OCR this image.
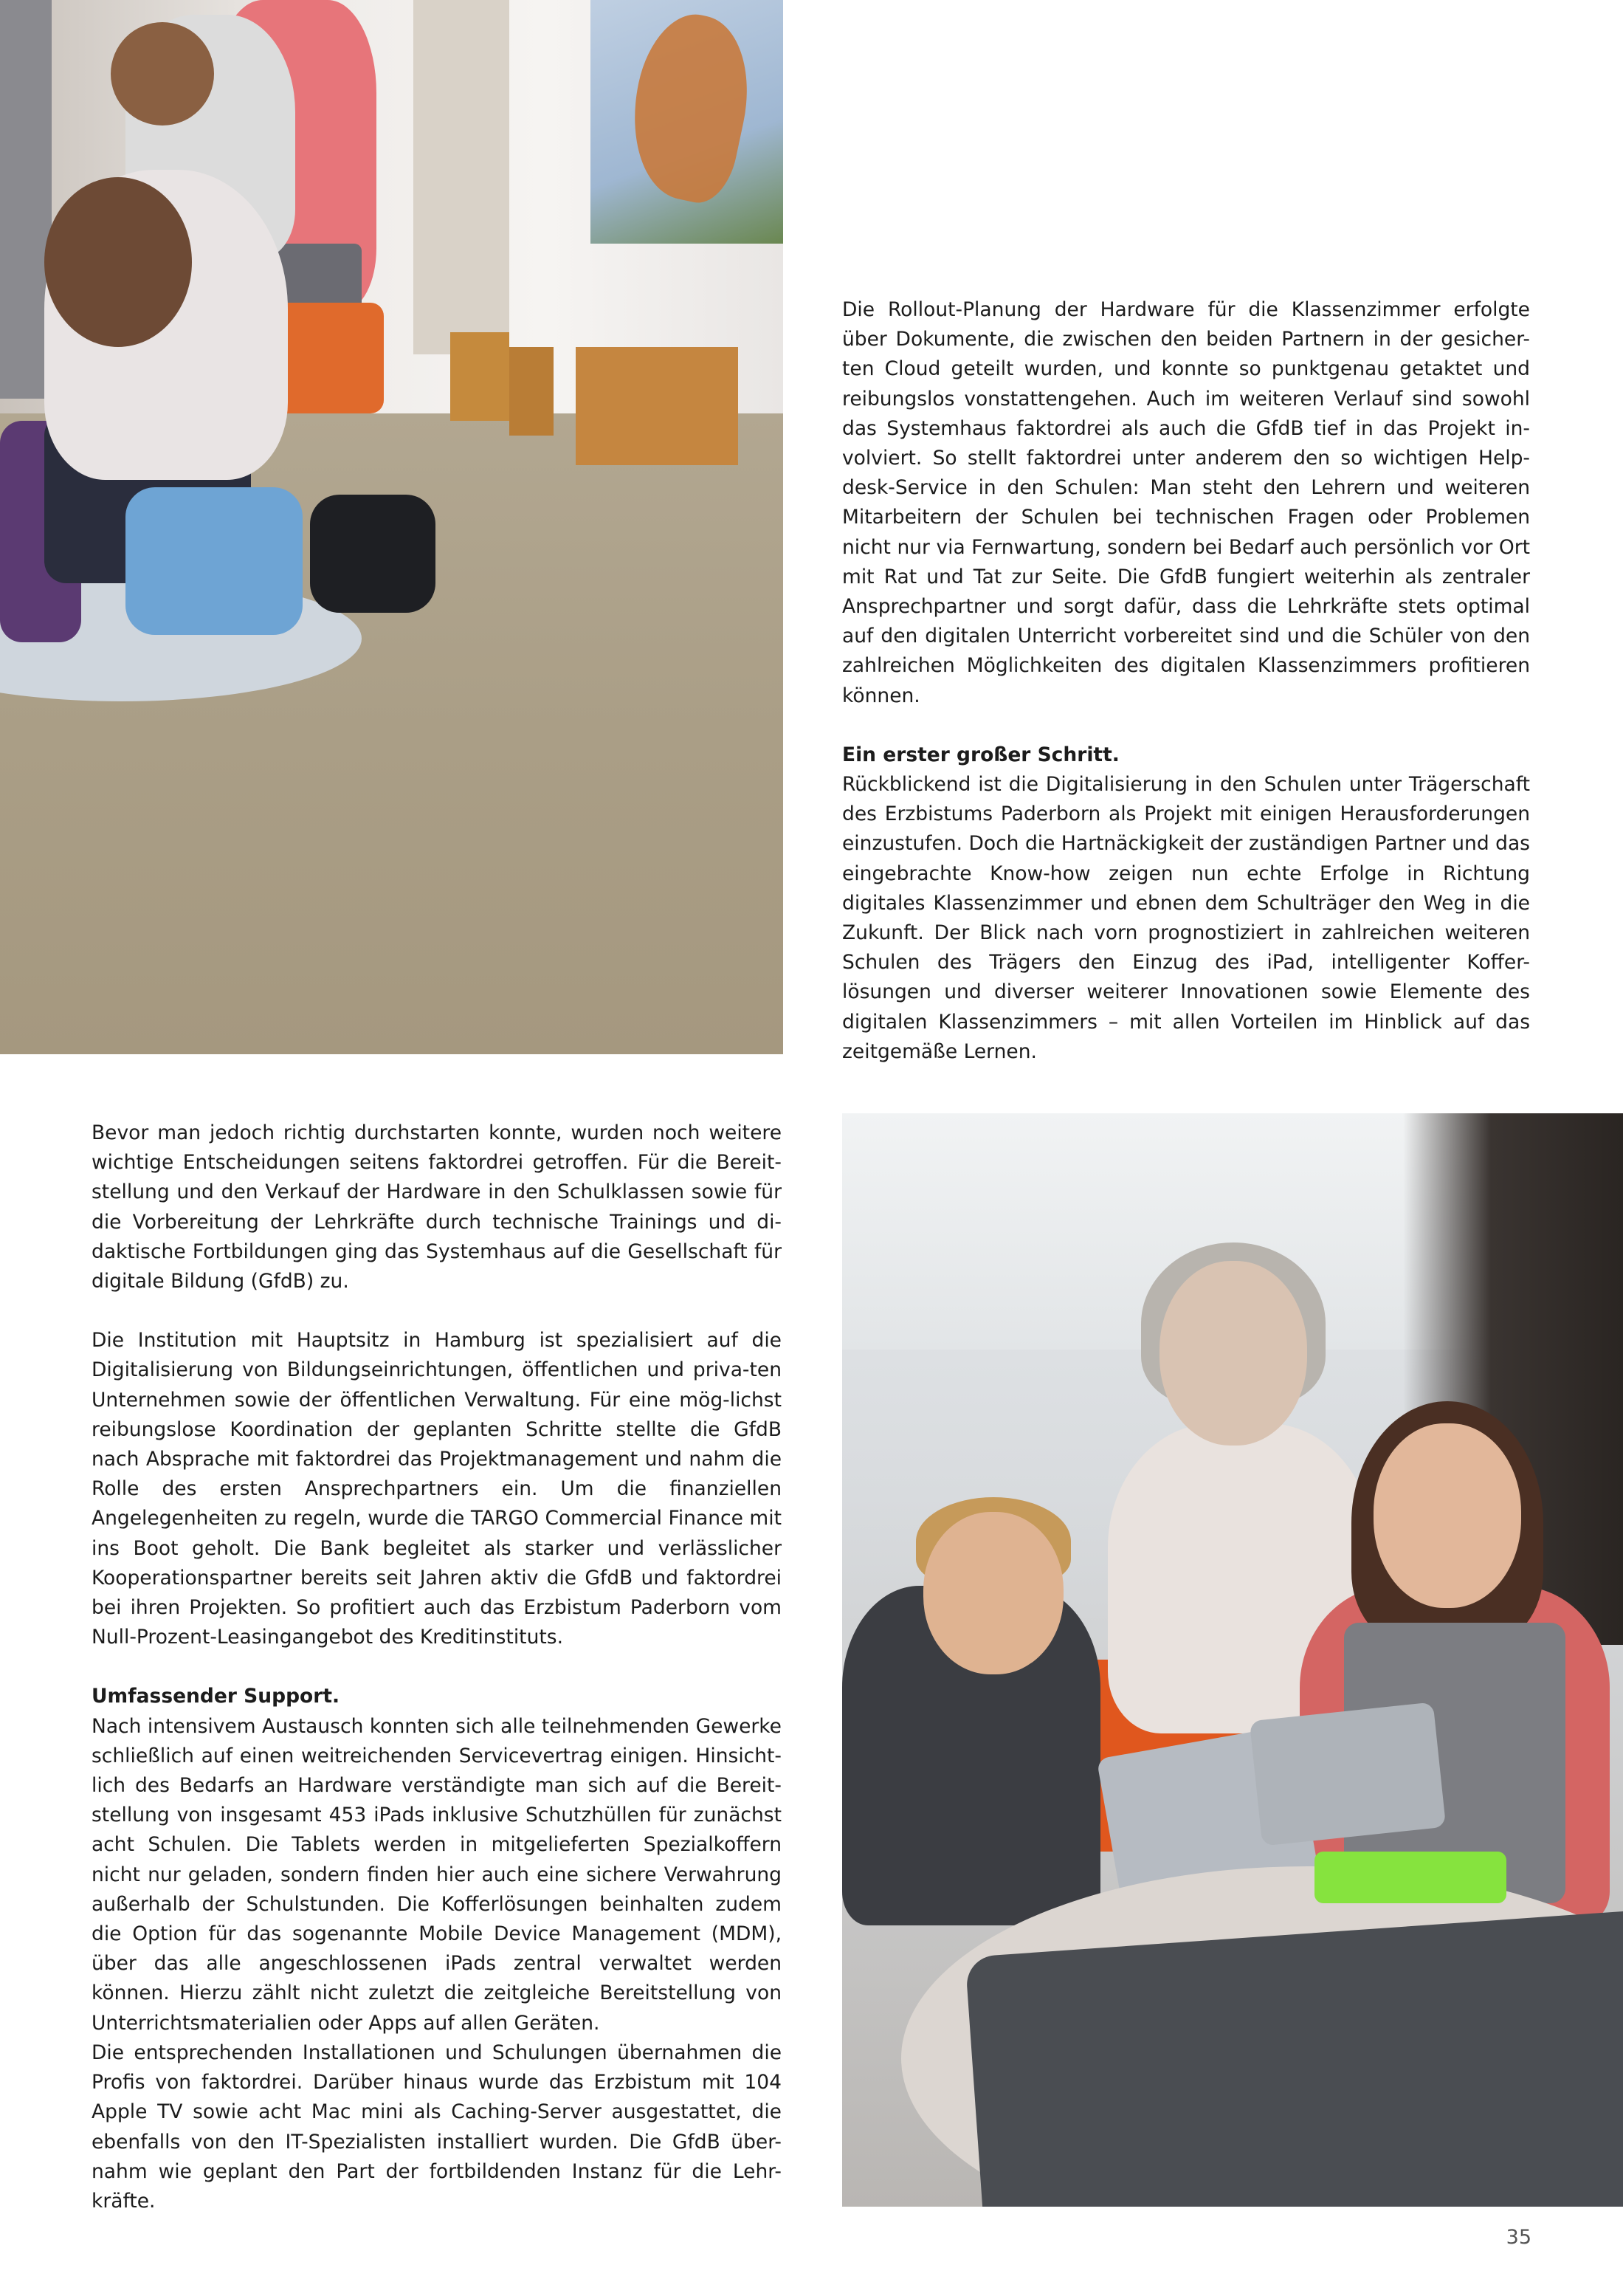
Die Rollout-Planung der Hardware für die Klassenzimmer erfolgte über Dokumente, die zwischen den beiden Partnern in der gesicher-ten Cloud geteilt wurden, und konnte so punktgenau getaktet und reibungslos vonstattengehen. Auch im weiteren Verlauf sind sowohl das Systemhaus faktordrei als auch die GfdB tief in das Projekt in-volviert. So stellt faktordrei unter anderem den so wichtigen Help-desk-Service in den Schulen: Man steht den Lehrern und weiteren Mitarbeitern der Schulen bei technischen Fragen oder Problemen nicht nur via Fernwartung, sondern bei Bedarf auch persönlich vor Ort mit Rat und Tat zur Seite. Die GfdB fungiert weiterhin als zentraler Ansprechpartner und sorgt dafür, dass die Lehrkräfte stets optimal auf den digitalen Unterricht vorbereitet sind und die Schüler von den zahlreichen Möglichkeiten des digitalen Klassenzimmers profitieren können.

Ein erster großer Schritt.

Rückblickend ist die Digitalisierung in den Schulen unter Trägerschaft des Erzbistums Paderborn als Projekt mit einigen Herausforderungen einzustufen. Doch die Hartnäckigkeit der zuständigen Partner und das eingebrachte Know-how zeigen nun echte Erfolge in Richtung digitales Klassenzimmer und ebnen dem Schulträger den Weg in die Zukunft. Der Blick nach vorn prognostiziert in zahlreichen weiteren Schulen des Trägers den Einzug des iPad, intelligenter Koffer-lösungen und diverser weiterer Innovationen sowie Elemente des digitalen Klassenzimmers – mit allen Vorteilen im Hinblick auf das zeitgemäße Lernen.

Bevor man jedoch richtig durchstarten konnte, wurden noch weitere wichtige Entscheidungen seitens faktordrei getroffen. Für die Bereit-stellung und den Verkauf der Hardware in den Schulklassen sowie für die Vorbereitung der Lehrkräfte durch technische Trainings und di-daktische Fortbildungen ging das Systemhaus auf die Gesellschaft für digitale Bildung (GfdB) zu.

Die Institution mit Hauptsitz in Hamburg ist spezialisiert auf die Digitalisierung von Bildungseinrichtungen, öffentlichen und priva-ten Unternehmen sowie der öffentlichen Verwaltung. Für eine mög-lichst reibungslose Koordination der geplanten Schritte stellte die GfdB nach Absprache mit faktordrei das Projektmanagement und nahm die Rolle des ersten Ansprechpartners ein. Um die finanziellen Angelegenheiten zu regeln, wurde die TARGO Commercial Finance mit ins Boot geholt. Die Bank begleitet als starker und verlässlicher Kooperationspartner bereits seit Jahren aktiv die GfdB und faktordrei bei ihren Projekten. So profitiert auch das Erzbistum Paderborn vom Null-Prozent-Leasingangebot des Kreditinstituts.

Umfassender Support.

Nach intensivem Austausch konnten sich alle teilnehmenden Gewerke schließlich auf einen weitreichenden Servicevertrag einigen. Hinsicht-lich des Bedarfs an Hardware verständigte man sich auf die Bereit-stellung von insgesamt 453 iPads inklusive Schutzhüllen für zunächst acht Schulen. Die Tablets werden in mitgelieferten Spezialkoffern nicht nur geladen, sondern finden hier auch eine sichere Verwahrung außerhalb der Schulstunden. Die Kofferlösungen beinhalten zudem die Option für das sogenannte Mobile Device Management (MDM), über das alle angeschlossenen iPads zentral verwaltet werden können. Hierzu zählt nicht zuletzt die zeitgleiche Bereitstellung von Unterrichtsmaterialien oder Apps auf allen Geräten.

Die entsprechenden Installationen und Schulungen übernahmen die Profis von faktordrei. Darüber hinaus wurde das Erzbistum mit 104 Apple TV sowie acht Mac mini als Caching-Server ausgestattet, die ebenfalls von den IT-Spezialisten installiert wurden. Die GfdB über-nahm wie geplant den Part der fortbildenden Instanz für die Lehr-kräfte.

35
